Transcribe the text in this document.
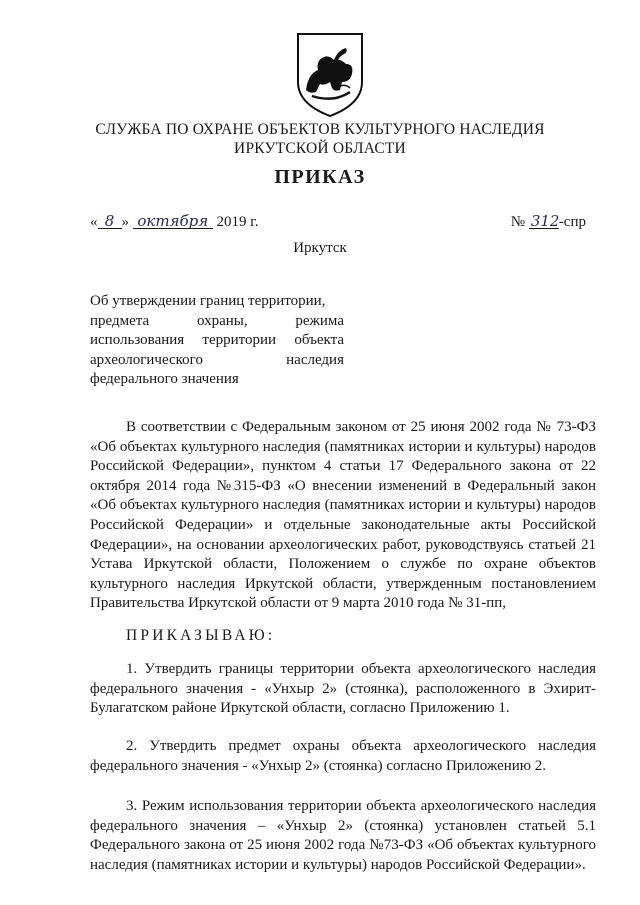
СЛУЖБА ПО ОХРАНЕ ОБЪЕКТОВ КУЛЬТУРНОГО НАСЛЕДИЯ
ИРКУТСКОЙ ОБЛАСТИ
ПРИКАЗ
« 8 » октября 2019 г.	№ 312-спр
Иркутск
Об утверждении границ территории,
предмета	охраны,	режима
использования территории объекта
археологического	наследия
федерального значения
В соответствии с Федеральным законом от 25 июня 2002 года № 73-ФЗ «Об объектах культурного наследия (памятниках истории и культуры) народов Российской Федерации», пунктом 4 статьи 17 Федерального закона от 22 октября 2014 года №315-ФЗ «О внесении изменений в Федеральный закон «Об объектах культурного наследия (памятниках истории и культуры) народов Российской Федерации» и отдельные законодательные акты Российской Федерации», на основании археологических работ, руководствуясь статьей 21 Устава Иркутской области, Положением о службе по охране объектов культурного наследия Иркутской области, утвержденным постановлением Правительства Иркутской области от 9 марта 2010 года № 31-пп,
ПРИКАЗЫВАЮ:
1. Утвердить границы территории объекта археологического наследия федерального значения - «Унхыр 2» (стоянка), расположенного в Эхирит-Булагатском районе Иркутской области, согласно Приложению 1.
2. Утвердить предмет охраны объекта археологического наследия федерального значения - «Унхыр 2» (стоянка) согласно Приложению 2.
3. Режим использования территории объекта археологического наследия федерального значения – «Унхыр 2» (стоянка) установлен статьей 5.1 Федерального закона от 25 июня 2002 года №73-ФЗ «Об объектах культурного наследия (памятниках истории и культуры) народов Российской Федерации».
